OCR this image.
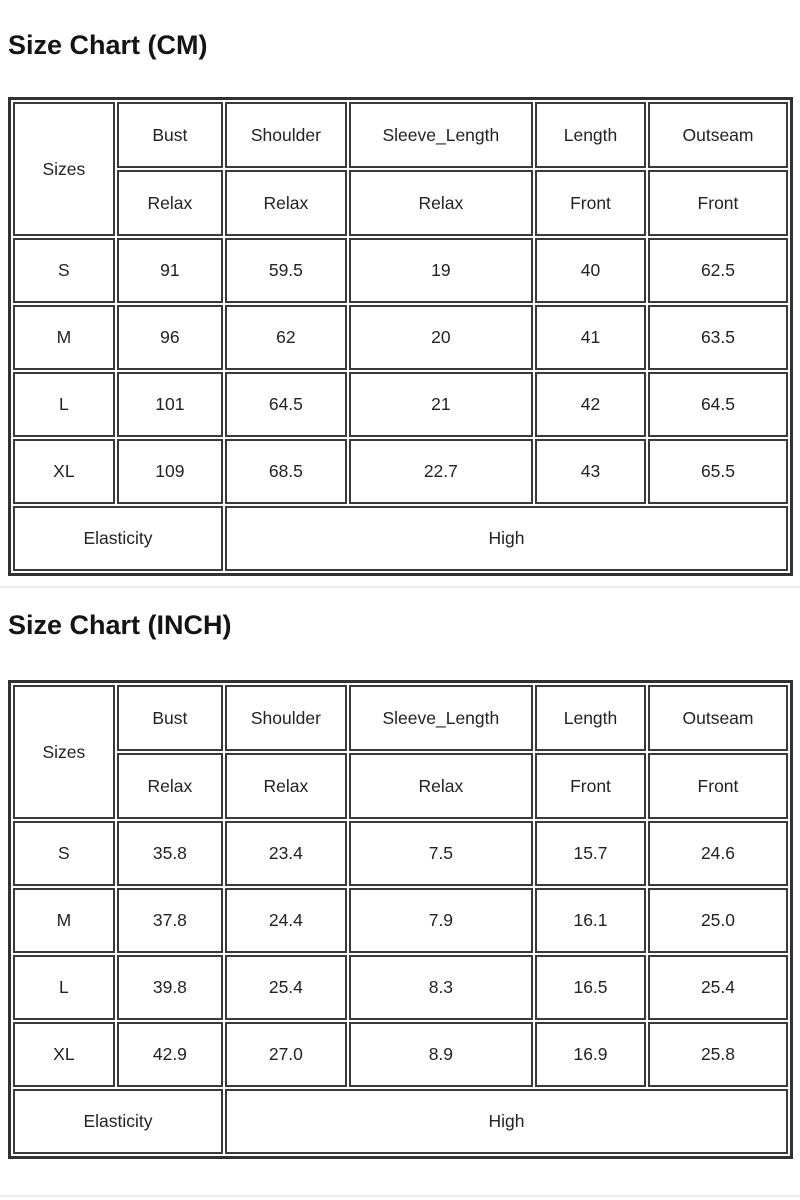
Size Chart (CM)
Sizes	Bust	Shoulder	Sleeve_Length	Length	Outseam
	Relax	Relax	Relax	Front	Front
S	91	59.5	19	40	62.5
M	96	62	20	41	63.5
L	101	64.5	21	42	64.5
XL	109	68.5	22.7	43	65.5
Elasticity		High			
Size Chart (INCH)
Sizes	Bust	Shoulder	Sleeve_Length	Length	Outseam
	Relax	Relax	Relax	Front	Front
S	35.8	23.4	7.5	15.7	24.6
M	37.8	24.4	7.9	16.1	25.0
L	39.8	25.4	8.3	16.5	25.4
XL	42.9	27.0	8.9	16.9	25.8
Elasticity		High			
